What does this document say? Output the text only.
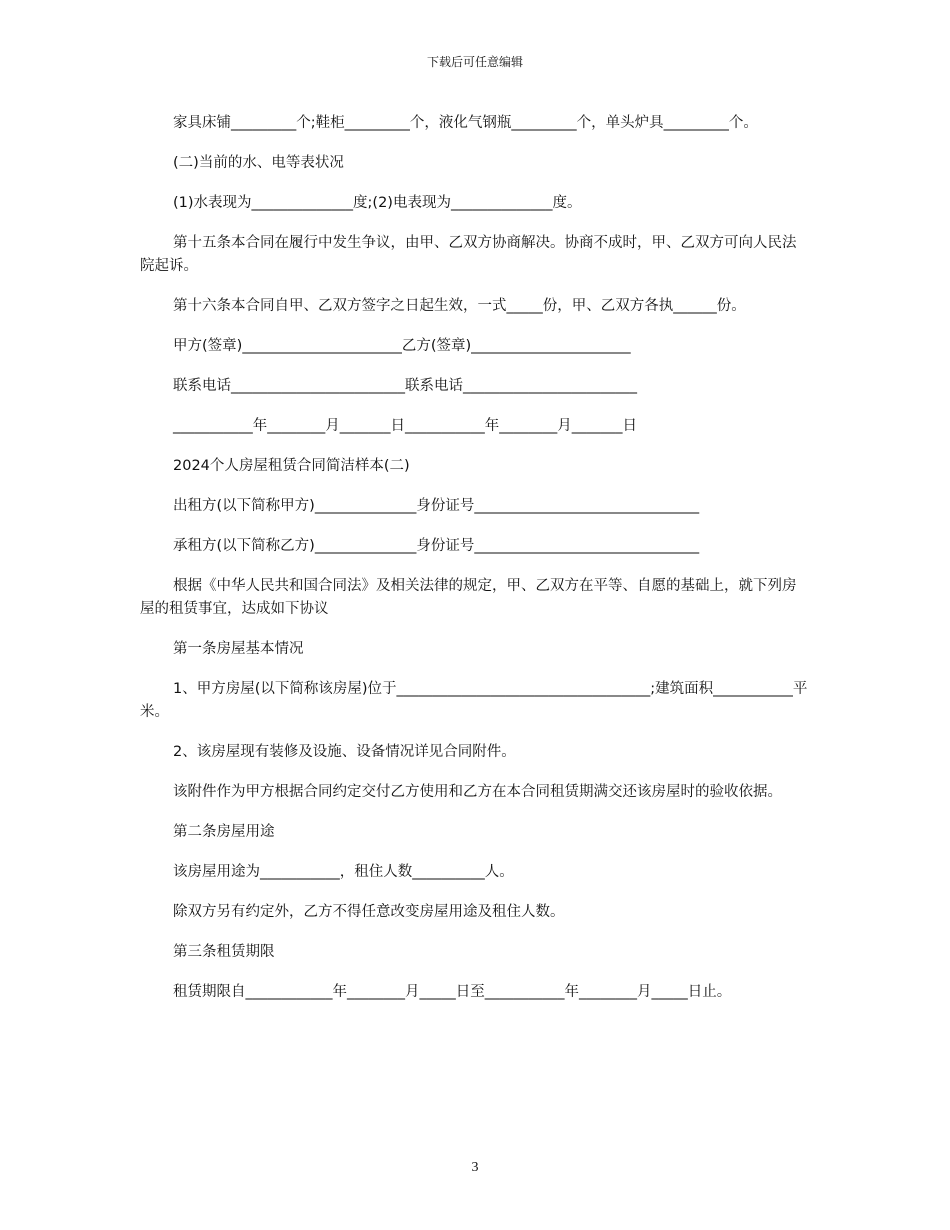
下载后可任意编辑

家具床铺_________个;鞋柜_________个，液化气钢瓶_________个，单头炉具_________个。

(二)当前的水、电等表状况

(1)水表现为______________度;(2)电表现为______________度。

第十五条本合同在履行中发生争议，由甲、乙双方协商解决。协商不成时，甲、乙双方可向人民法院起诉。

第十六条本合同自甲、乙双方签字之日起生效，一式_____份，甲、乙双方各执______份。

甲方(签章)______________________乙方(签章)______________________

联系电话________________________联系电话________________________

___________年________月_______日___________年________月_______日

2024个人房屋租赁合同简洁样本(二)

出租方(以下简称甲方)______________身份证号_______________________________

承租方(以下简称乙方)______________身份证号_______________________________

根据《中华人民共和国合同法》及相关法律的规定，甲、乙双方在平等、自愿的基础上，就下列房屋的租赁事宜，达成如下协议

第一条房屋基本情况

1、甲方房屋(以下简称该房屋)位于___________________________________;建筑面积___________平米。

2、该房屋现有装修及设施、设备情况详见合同附件。

该附件作为甲方根据合同约定交付乙方使用和乙方在本合同租赁期满交还该房屋时的验收依据。

第二条房屋用途

该房屋用途为___________，租住人数__________人。

除双方另有约定外，乙方不得任意改变房屋用途及租住人数。

第三条租赁期限

租赁期限自____________年________月_____日至___________年________月_____日止。

3
